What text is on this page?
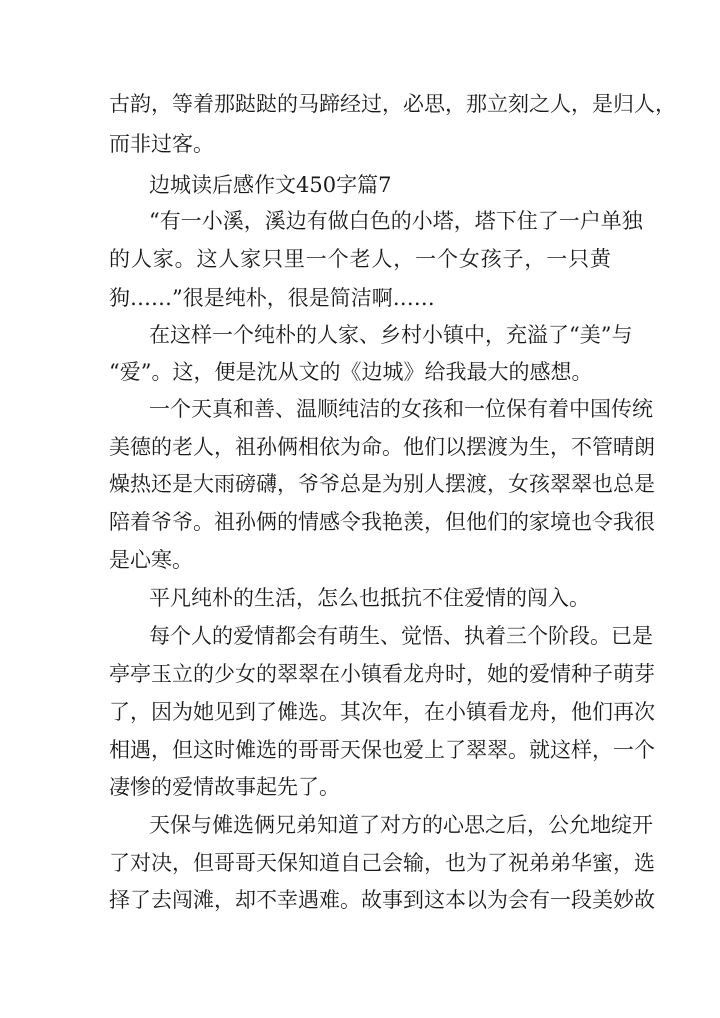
古韵，等着那跶跶的马蹄经过，必思，那立刻之人，是归人，
而非过客。
边城读后感作文450字篇7
“有一小溪，溪边有做白色的小塔，塔下住了一户单独
的人家。这人家只里一个老人，一个女孩子，一只黄
狗……”很是纯朴，很是简洁啊……
在这样一个纯朴的人家、乡村小镇中，充溢了“美”与
“爱”。这，便是沈从文的《边城》给我最大的感想。
一个天真和善、温顺纯洁的女孩和一位保有着中国传统
美德的老人，祖孙俩相依为命。他们以摆渡为生，不管晴朗
燥热还是大雨磅礴，爷爷总是为别人摆渡，女孩翠翠也总是
陪着爷爷。祖孙俩的情感令我艳羡，但他们的家境也令我很
是心寒。
平凡纯朴的生活，怎么也抵抗不住爱情的闯入。
每个人的爱情都会有萌生、觉悟、执着三个阶段。已是
亭亭玉立的少女的翠翠在小镇看龙舟时，她的爱情种子萌芽
了，因为她见到了傩选。其次年，在小镇看龙舟，他们再次
相遇，但这时傩选的哥哥天保也爱上了翠翠。就这样，一个
凄惨的爱情故事起先了。
天保与傩选俩兄弟知道了对方的心思之后，公允地绽开
了对决，但哥哥天保知道自己会输，也为了祝弟弟华蜜，选
择了去闯滩，却不幸遇难。故事到这本以为会有一段美妙故
